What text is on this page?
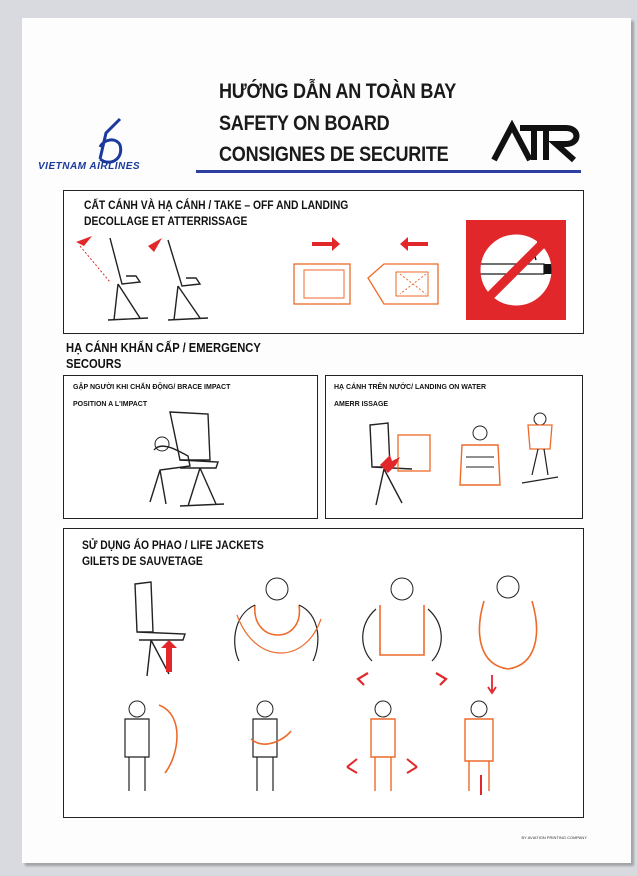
VIETNAM AIRLINES
HƯỚNG DẪN AN TOÀN BAY
SAFETY ON BOARD
CONSIGNES DE SECURITE
ATR
CẤT CÁNH VÀ HẠ CÁNH / TAKE – OFF AND LANDING
DECOLLAGE ET ATTERRISSAGE
HẠ CÁNH KHẨN CẤP / EMERGENCY
SECOURS
GẬP NGƯỜI KHI CHẤN ĐỘNG/ BRACE IMPACT
POSITION A L'IMPACT
HẠ CÁNH TRÊN NƯỚC/ LANDING ON WATER
AMERR ISSAGE
SỬ DỤNG ÁO PHAO / LIFE JACKETS
GILETS DE SAUVETAGE
BY AVIATION PRINTING COMPANY
